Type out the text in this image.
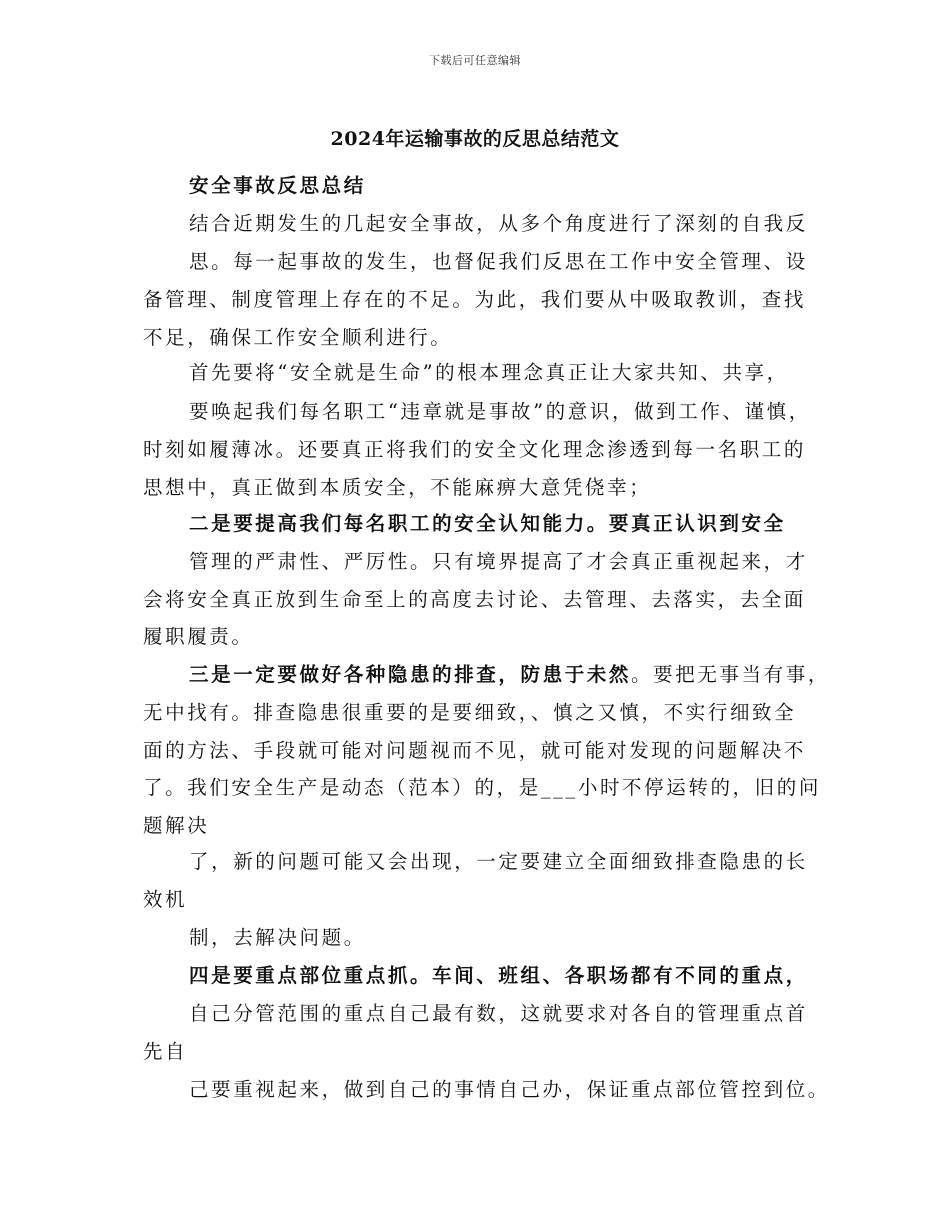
下载后可任意编辑
2024年运输事故的反思总结范文
安全事故反思总结
结合近期发生的几起安全事故，从多个角度进行了深刻的自我反
思。每一起事故的发生，也督促我们反思在工作中安全管理、设
备管理、制度管理上存在的不足。为此，我们要从中吸取教训，查找
不足，确保工作安全顺利进行。
首先要将“安全就是生命”的根本理念真正让大家共知、共享，
要唤起我们每名职工“违章就是事故”的意识，做到工作、谨慎，
时刻如履薄冰。还要真正将我们的安全文化理念渗透到每一名职工的
思想中，真正做到本质安全，不能麻痹大意凭侥幸；
二是要提高我们每名职工的安全认知能力。要真正认识到安全
管理的严肃性、严厉性。只有境界提高了才会真正重视起来，才
会将安全真正放到生命至上的高度去讨论、去管理、去落实，去全面
履职履责。
三是一定要做好各种隐患的排查，防患于未然。要把无事当有事，
无中找有。排查隐患很重要的是要细致，、慎之又慎，不实行细致全
面的方法、手段就可能对问题视而不见，就可能对发现的问题解决不
了。我们安全生产是动态（范本）的，是___小时不停运转的，旧的问
题解决
了，新的问题可能又会出现，一定要建立全面细致排查隐患的长
效机
制，去解决问题。
四是要重点部位重点抓。车间、班组、各职场都有不同的重点，
自己分管范围的重点自己最有数，这就要求对各自的管理重点首
先自
己要重视起来，做到自己的事情自己办，保证重点部位管控到位。
